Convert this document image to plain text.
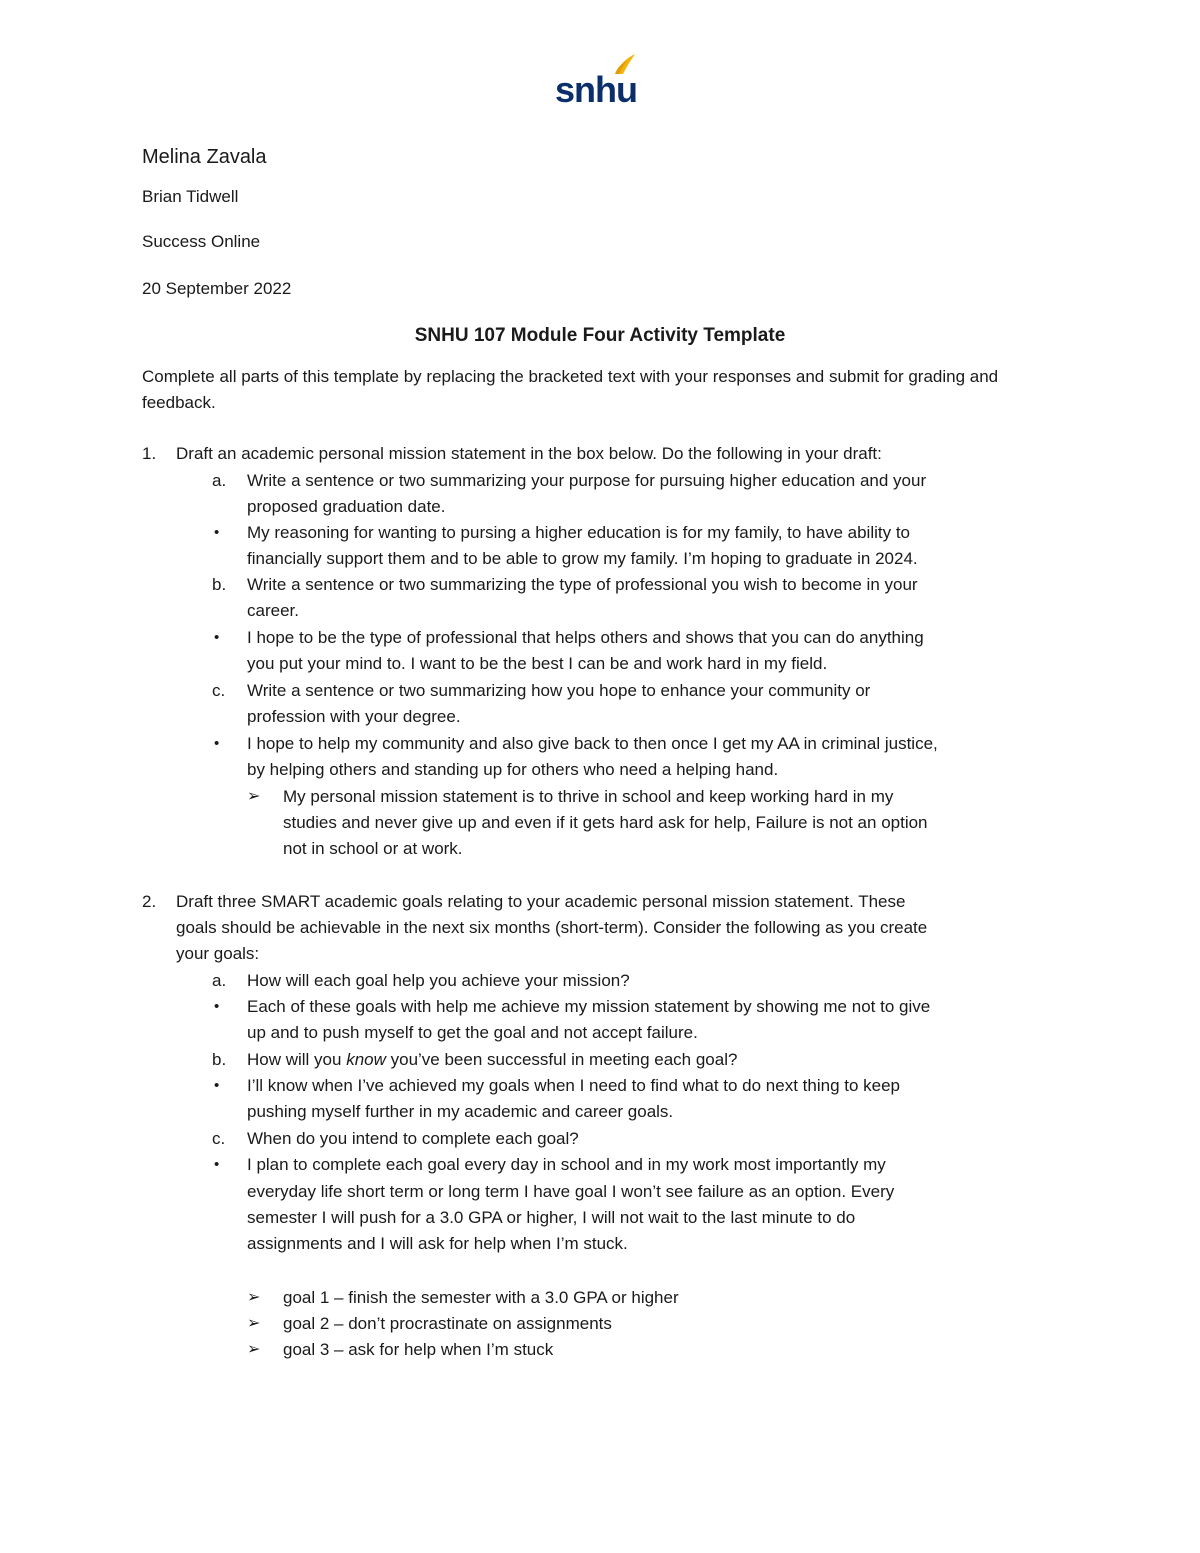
snhu
Melina Zavala
Brian Tidwell
Success Online
20 September 2022
SNHU 107 Module Four Activity Template
Complete all parts of this template by replacing the bracketed text with your responses and submit for grading and feedback.
1. Draft an academic personal mission statement in the box below. Do the following in your draft:
a. Write a sentence or two summarizing your purpose for pursuing higher education and your
proposed graduation date.
• My reasoning for wanting to pursing a higher education is for my family, to have ability to
financially support them and to be able to grow my family. I’m hoping to graduate in 2024.
b. Write a sentence or two summarizing the type of professional you wish to become in your
career.
• I hope to be the type of professional that helps others and shows that you can do anything
you put your mind to. I want to be the best I can be and work hard in my field.
c. Write a sentence or two summarizing how you hope to enhance your community or
profession with your degree.
• I hope to help my community and also give back to then once I get my AA in criminal justice,
by helping others and standing up for others who need a helping hand.
➢ My personal mission statement is to thrive in school and keep working hard in my
studies and never give up and even if it gets hard ask for help, Failure is not an option
not in school or at work.
2. Draft three SMART academic goals relating to your academic personal mission statement. These
goals should be achievable in the next six months (short-term). Consider the following as you create
your goals:
a. How will each goal help you achieve your mission?
• Each of these goals with help me achieve my mission statement by showing me not to give
up and to push myself to get the goal and not accept failure.
b. How will you know you’ve been successful in meeting each goal?
• I’ll know when I’ve achieved my goals when I need to find what to do next thing to keep
pushing myself further in my academic and career goals.
c. When do you intend to complete each goal?
• I plan to complete each goal every day in school and in my work most importantly my
everyday life short term or long term I have goal I won’t see failure as an option. Every
semester I will push for a 3.0 GPA or higher, I will not wait to the last minute to do
assignments and I will ask for help when I’m stuck.
➢ goal 1 – finish the semester with a 3.0 GPA or higher
➢ goal 2 – don’t procrastinate on assignments
➢ goal 3 – ask for help when I’m stuck
